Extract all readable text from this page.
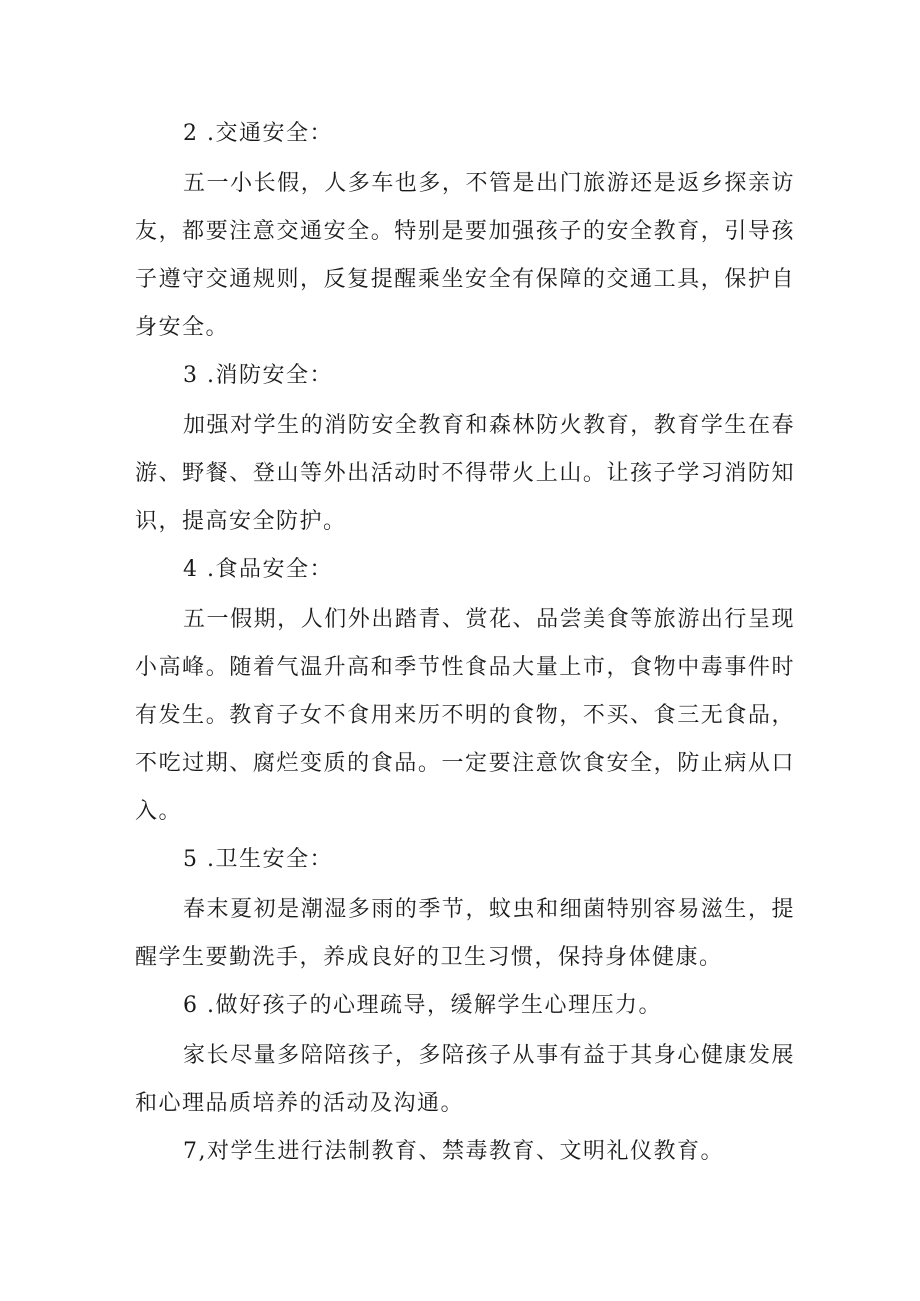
2 .交通安全：

五一小长假，人多车也多，不管是出门旅游还是返乡探亲访友，都要注意交通安全。特别是要加强孩子的安全教育，引导孩子遵守交通规则，反复提醒乘坐安全有保障的交通工具，保护自身安全。

3 .消防安全：

加强对学生的消防安全教育和森林防火教育，教育学生在春游、野餐、登山等外出活动时不得带火上山。让孩子学习消防知识，提高安全防护。

4 .食品安全：

五一假期，人们外出踏青、赏花、品尝美食等旅游出行呈现小高峰。随着气温升高和季节性食品大量上市，食物中毒事件时有发生。教育子女不食用来历不明的食物，不买、食三无食品，不吃过期、腐烂变质的食品。一定要注意饮食安全，防止病从口入。

5 .卫生安全：

春末夏初是潮湿多雨的季节，蚊虫和细菌特别容易滋生，提醒学生要勤洗手，养成良好的卫生习惯，保持身体健康。

6 .做好孩子的心理疏导，缓解学生心理压力。

家长尽量多陪陪孩子，多陪孩子从事有益于其身心健康发展和心理品质培养的活动及沟通。

7,对学生进行法制教育、禁毒教育、文明礼仪教育。
